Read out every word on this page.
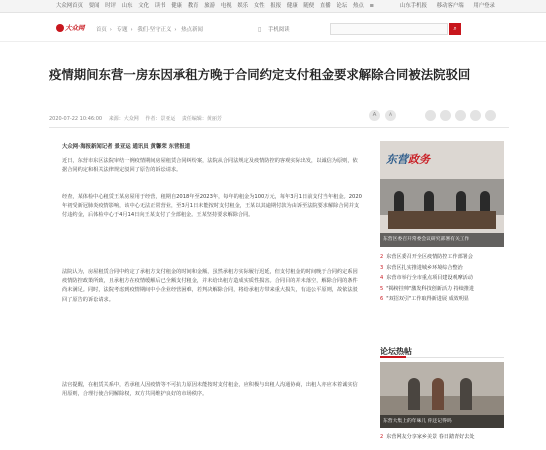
大众网首页 要闻 时评 山东 文化 读书 健康 教育 旅游 电视 娱乐 女性 报报 健康 随便 直播 论坛 热点 ≡	山东手机报 移动客户端 用户登录
大众网 首页 › 专题 › 我们·坚守正义 › 热点新闻	▯ 手机阅读	⌕
疫情期间东营一房东因承租方晚于合同约定支付租金要求解除合同被法院驳回
2020-07-22 10:46:00 来源：大众网 作者：景亚运 责任编辑：黄丽芳
A	A
大众网·海报新闻记者 景亚运 通讯员 黄馨荣 东营报道

近日，东营市东区法院审结一例疫情期间房屋租赁合同纠纷案，法院从合同法规定及疫情防控的客观实际出发，以诚信为原则，依据合同约定和相关法律规定驳回了原告的诉讼请求。

经查，某体检中心租赁王某房屋用于经营，租期自2018年至2023年，每年的租金为100万元，每年3月1日前支付当年租金。2020年初受新冠肺炎疫情影响，该中心无法正常营业，至3月1日未能按时支付租金，王某以其逾期付款为由诉至法院要求解除合同并支付违约金，后体检中心于4月14日向王某支付了全部租金。王某坚持要求解除合同。

法院认为，房屋租赁合同中约定了承租方支付租金的时间和金额，虽然承租方实际履行迟延，但支付租金的时间晚于合同约定系因疫情防控政策所致，且承租方在疫情缓解后已全额支付租金，并未给出租方造成实质性损害。合同目的并未落空，解除合同的条件尚未满足。同时，法院考虑到疫情期间中小企业经营困难，若判决解除合同，将给承租方带来重大损失，有违公平原则，故依法驳回了原告的诉讼请求。

法官提醒，在租赁关系中，若承租人因疫情等不可抗力原因未能按时支付租金，应积极与出租人沟通协商，出租人亦应本着诚实信用原则，合理行使合同解除权，双方共同维护良好的市场秩序。

东营政务
东营区委召开常委会议研究部署有关工作
2 东营区委召开全区疫情防控工作部署会
3 东营区扎实推进城乡环境综合整治
4 东营市举行全市重点项目建设观摩活动
5 "揭榜挂帅"激发科技创新活力 持续推进
6 "双招双引"工作取得新进展 成效明显
论坛热帖
东营大集上的年味儿 你还记得吗
2 东营网友分享家乡美景 春日踏青好去处
